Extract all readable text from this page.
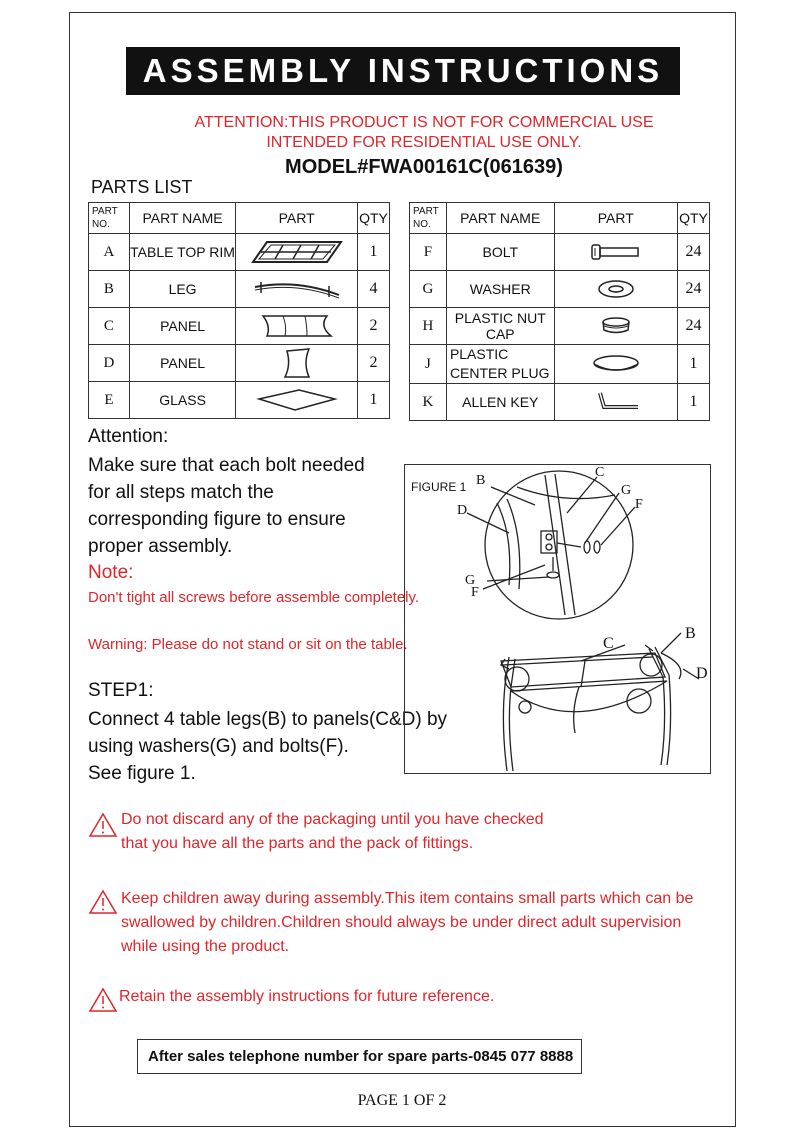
ASSEMBLY INSTRUCTIONS
ATTENTION:THIS PRODUCT IS NOT FOR COMMERCIAL USE
INTENDED FOR RESIDENTIAL USE ONLY.
MODEL#FWA00161C(061639)
PARTS LIST
PART
NO.	PART NAME	PART	QTY
A	TABLE TOP RIM		1
B	LEG		4
C	PANEL		2
D	PANEL		2
E	GLASS		1
PART
NO.	PART NAME	PART	QTY
F	BOLT		24
G	WASHER		24
H	PLASTIC NUT CAP		24
J	PLASTIC CENTER PLUG		1
K	ALLEN KEY		1
Attention:
Make sure that each bolt needed for all steps match the corresponding figure to ensure proper assembly.
Note:
Don't tight all screws before assemble completely.
Warning: Please do not stand or sit on the table.
STEP1:
Connect 4 table legs(B) to panels(C&D) by
using washers(G) and bolts(F).
See figure 1.
FIGURE 1 B
C
G
F
D
G
F
C
B
D
Do not discard any of the packaging until you have checked
that you have all the parts and the pack of fittings.
Keep children away during assembly.This item contains small parts which can be
swallowed by children.Children should always be under direct adult supervision
while using the product.
Retain the assembly instructions for future reference.
After sales telephone number for spare parts-0845 077 8888
PAGE 1 OF 2
